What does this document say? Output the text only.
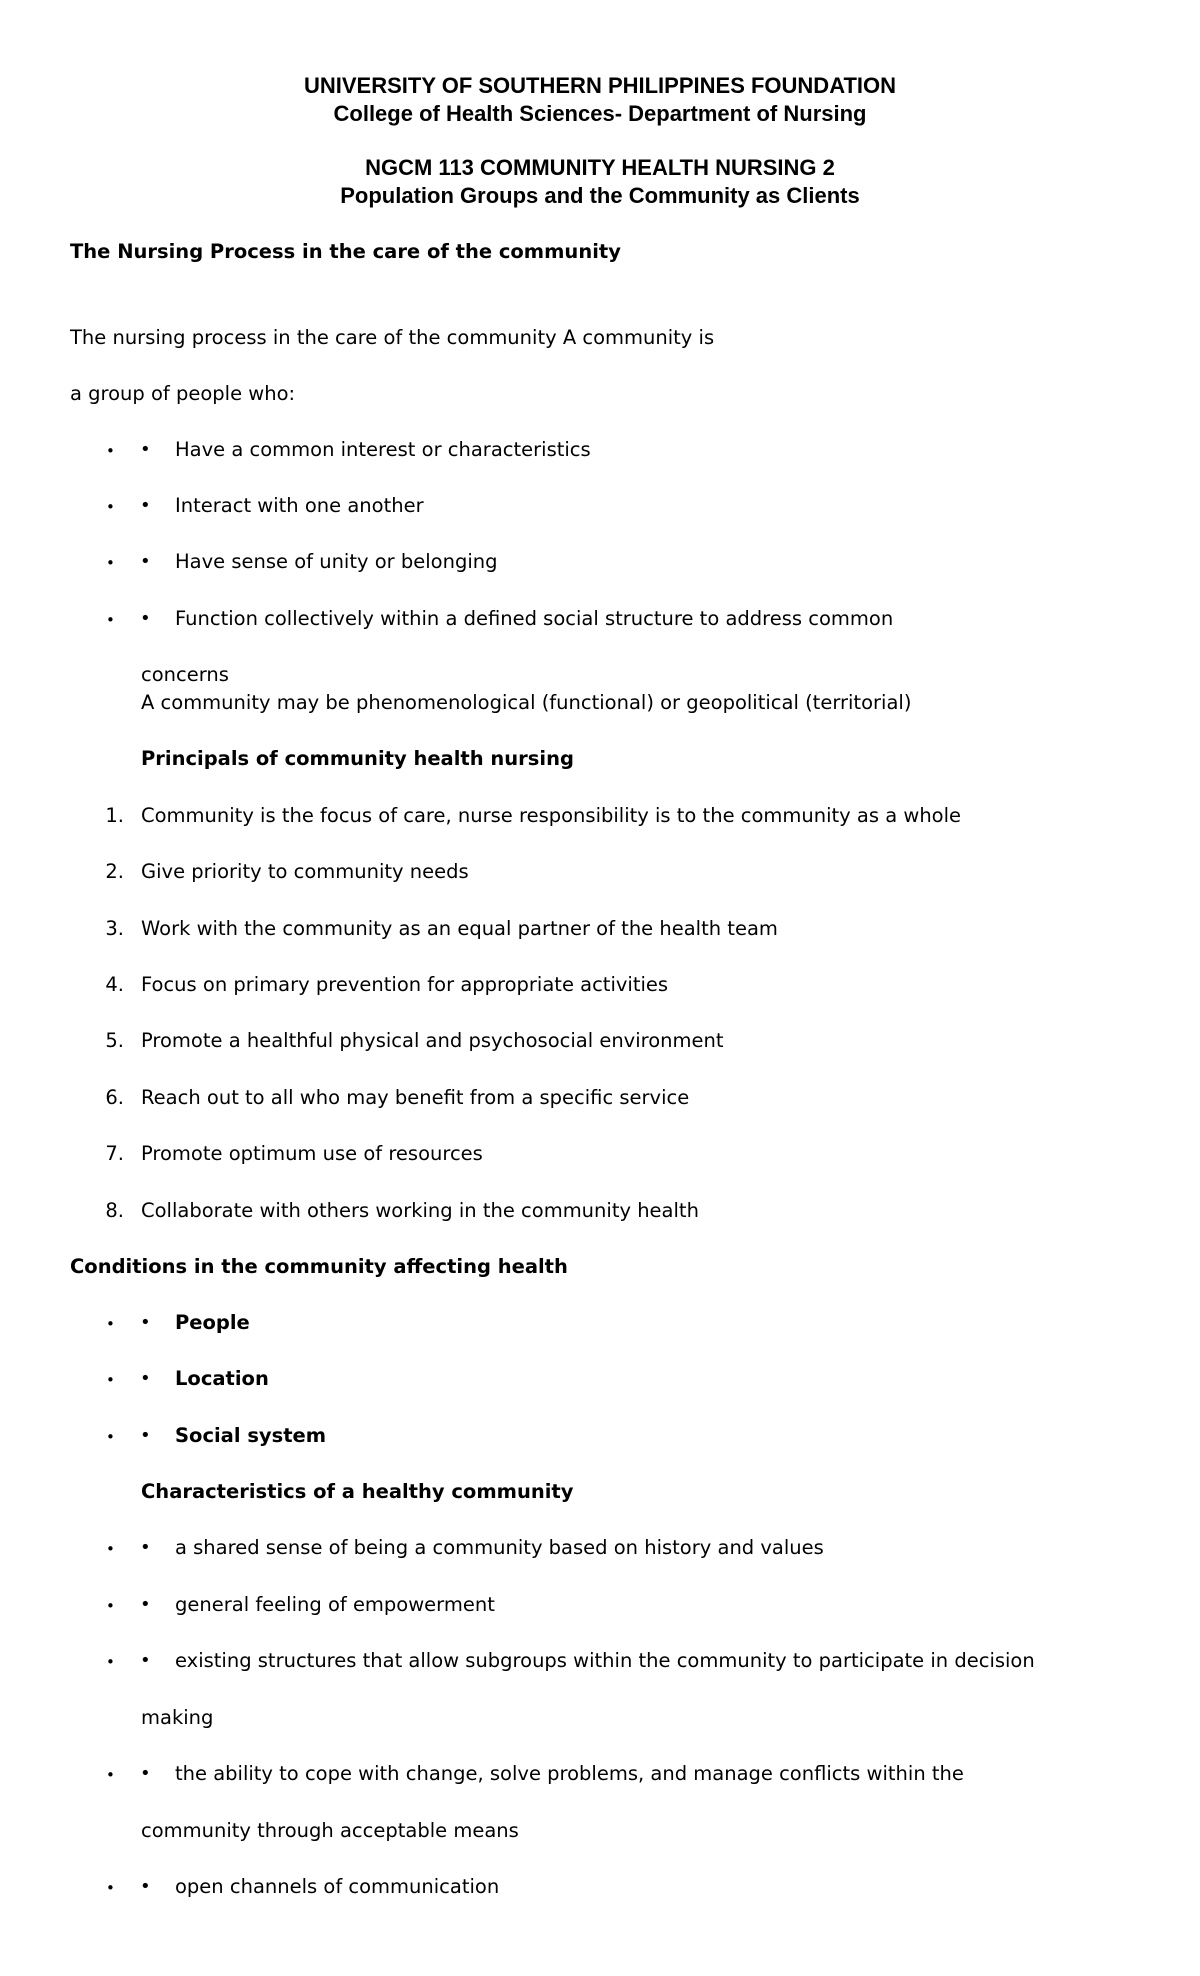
UNIVERSITY OF SOUTHERN PHILIPPINES FOUNDATION
College of Health Sciences- Department of Nursing
NGCM 113 COMMUNITY HEALTH NURSING 2
Population Groups and the Community as Clients
The Nursing Process in the care of the community
The nursing process in the care of the community A community is
a group of people who:
• • Have a common interest or characteristics
• • Interact with one another
• • Have sense of unity or belonging
• • Function collectively within a defined social structure to address common
concerns
A community may be phenomenological (functional) or geopolitical (territorial)
Principals of community health nursing
1. Community is the focus of care, nurse responsibility is to the community as a whole
2. Give priority to community needs
3. Work with the community as an equal partner of the health team
4. Focus on primary prevention for appropriate activities
5. Promote a healthful physical and psychosocial environment
6. Reach out to all who may benefit from a specific service
7. Promote optimum use of resources
8. Collaborate with others working in the community health
Conditions in the community affecting health
• • People
• • Location
• • Social system
Characteristics of a healthy community
• • a shared sense of being a community based on history and values
• • general feeling of empowerment
• • existing structures that allow subgroups within the community to participate in decision
making
• • the ability to cope with change, solve problems, and manage conflicts within the
community through acceptable means
• • open channels of communication
